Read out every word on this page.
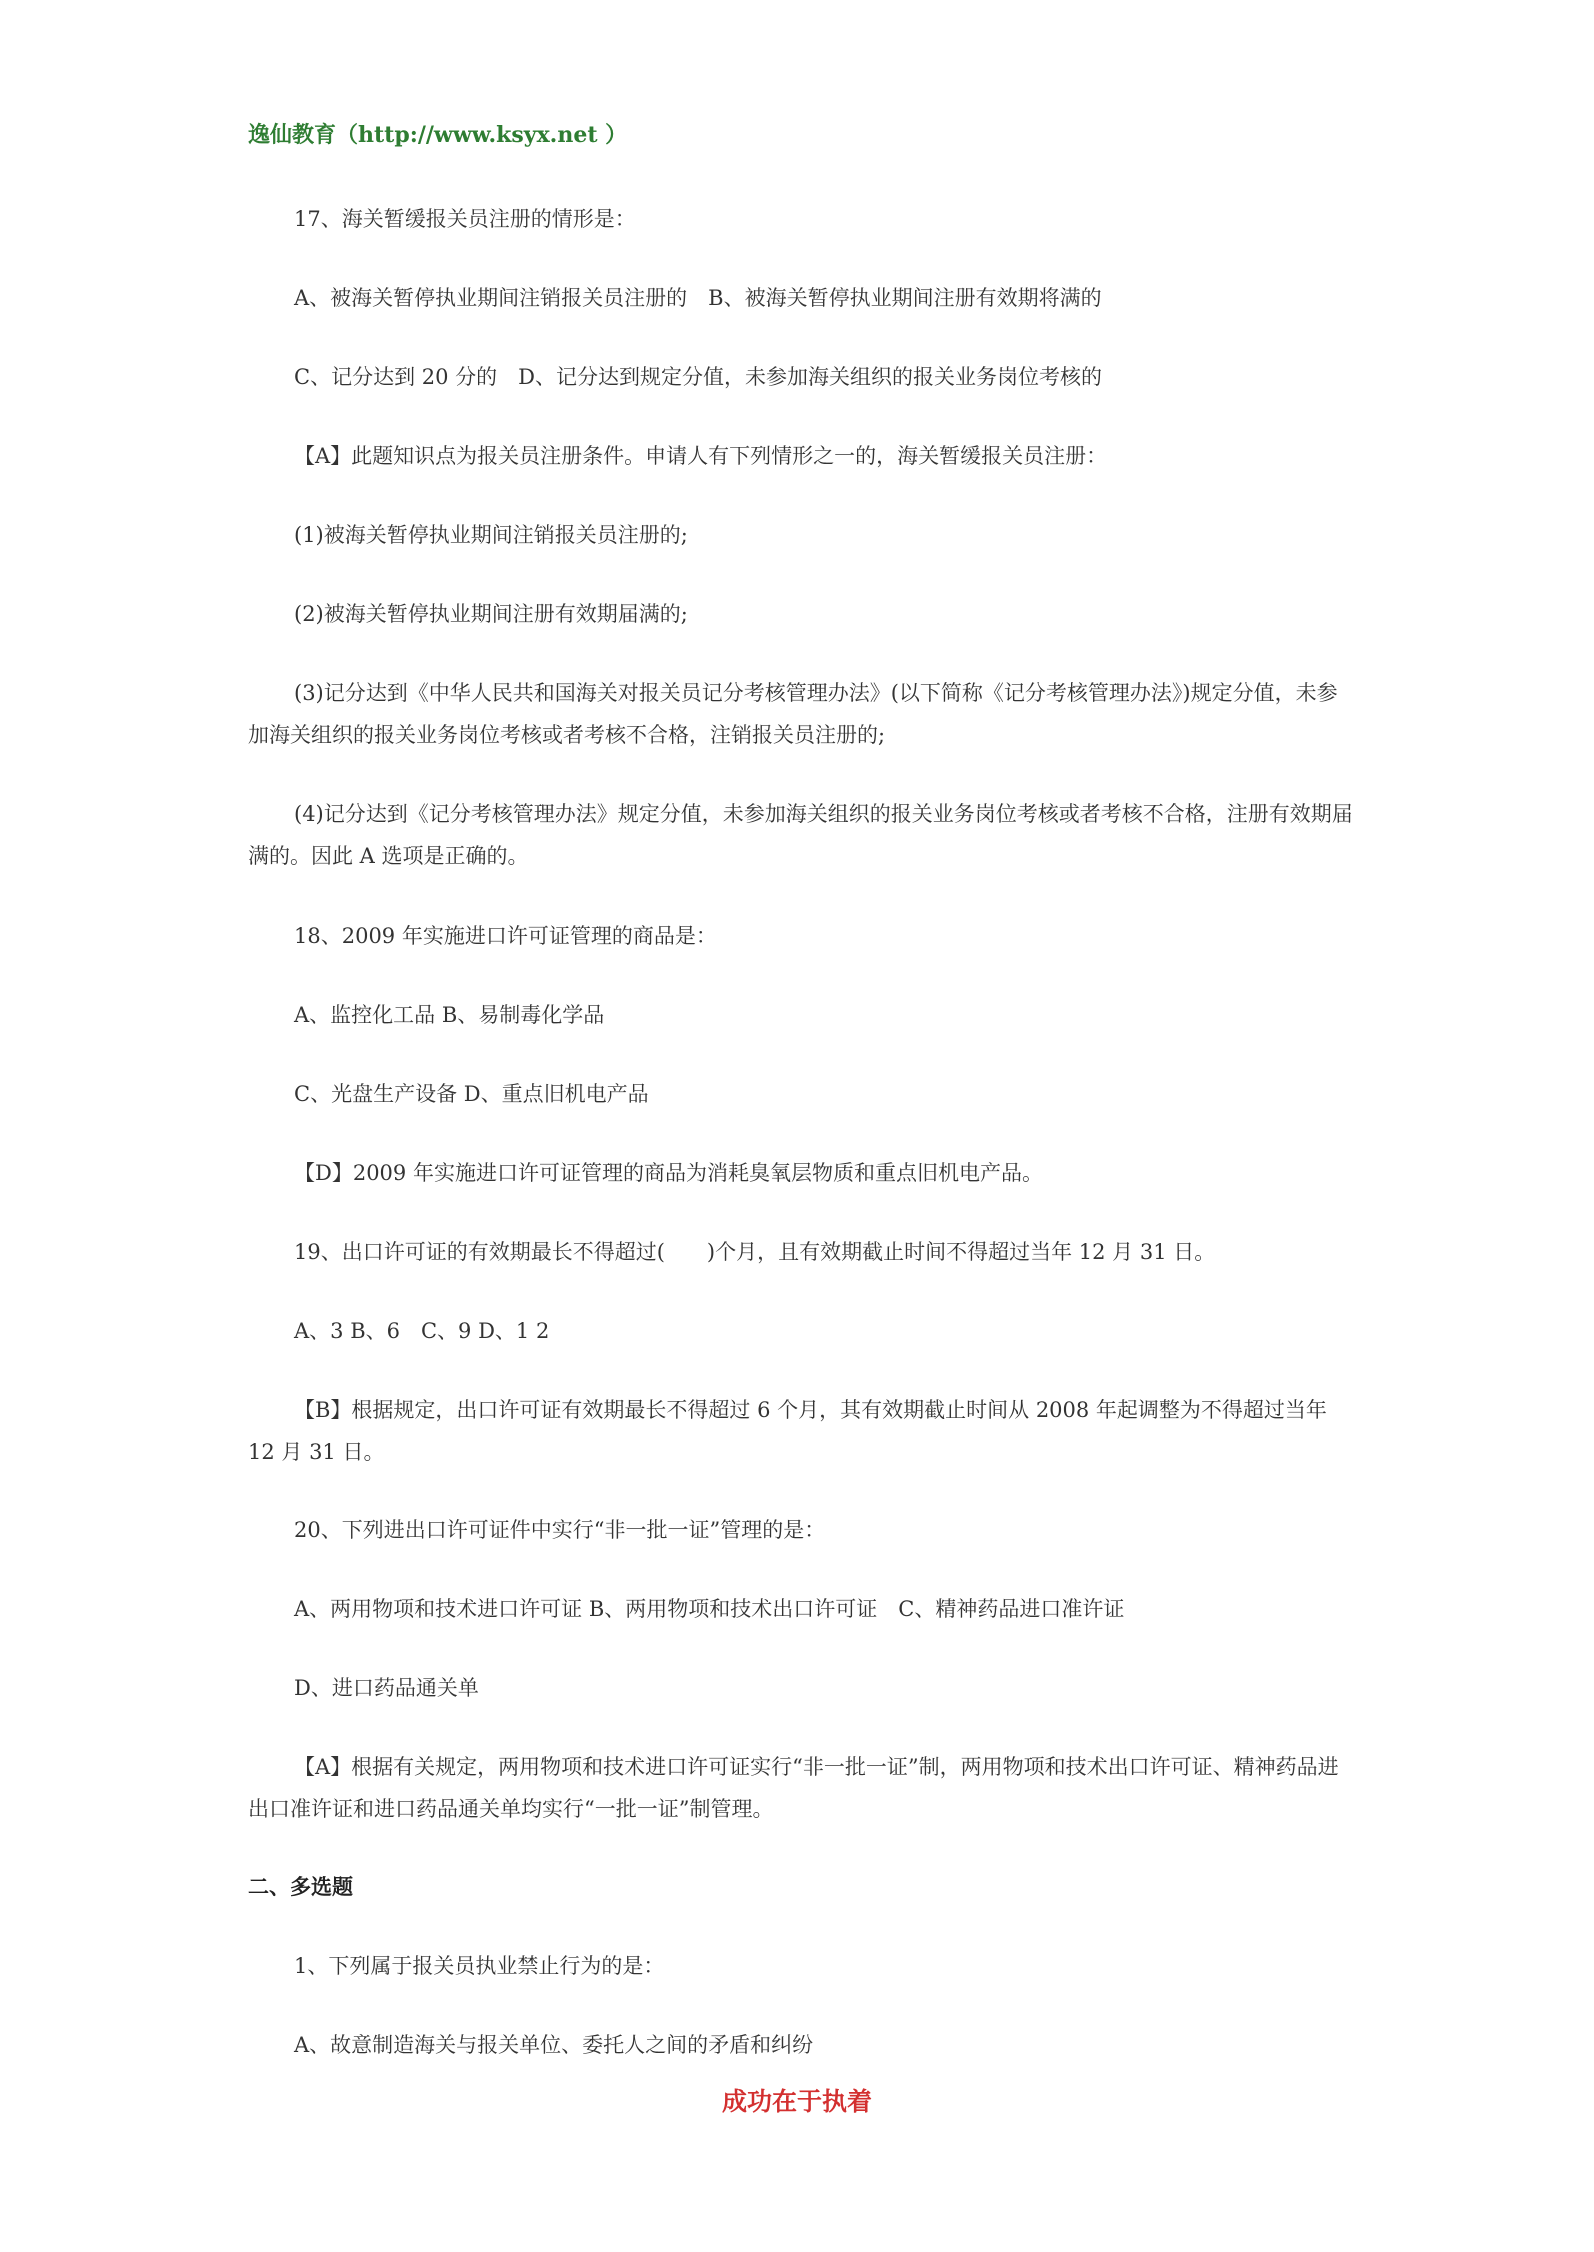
逸仙教育（http://www.ksyx.net ）
17、海关暂缓报关员注册的情形是：
A、被海关暂停执业期间注销报关员注册的　B、被海关暂停执业期间注册有效期将满的
C、记分达到 20 分的　D、记分达到规定分值，未参加海关组织的报关业务岗位考核的
【A】此题知识点为报关员注册条件。申请人有下列情形之一的，海关暂缓报关员注册：
(1)被海关暂停执业期间注销报关员注册的;
(2)被海关暂停执业期间注册有效期届满的;
(3)记分达到《中华人民共和国海关对报关员记分考核管理办法》(以下简称《记分考核管理办法》)规定分值，未参加海关组织的报关业务岗位考核或者考核不合格，注销报关员注册的;
(4)记分达到《记分考核管理办法》规定分值，未参加海关组织的报关业务岗位考核或者考核不合格，注册有效期届满的。因此 A 选项是正确的。
18、2009 年实施进口许可证管理的商品是：
A、监控化工品 B、易制毒化学品
C、光盘生产设备 D、重点旧机电产品
【D】2009 年实施进口许可证管理的商品为消耗臭氧层物质和重点旧机电产品。
19、出口许可证的有效期最长不得超过(　　)个月，且有效期截止时间不得超过当年 12 月 31 日。
A、3 B、6　C、9 D、1 2
【B】根据规定，出口许可证有效期最长不得超过 6 个月，其有效期截止时间从 2008 年起调整为不得超过当年 12 月 31 日。
20、下列进出口许可证件中实行“非一批一证”管理的是：
A、两用物项和技术进口许可证 B、两用物项和技术出口许可证　C、精神药品进口准许证
D、进口药品通关单
【A】根据有关规定，两用物项和技术进口许可证实行“非一批一证”制，两用物项和技术出口许可证、精神药品进出口准许证和进口药品通关单均实行“一批一证”制管理。
二、多选题
1、下列属于报关员执业禁止行为的是：
A、故意制造海关与报关单位、委托人之间的矛盾和纠纷
成功在于执着
